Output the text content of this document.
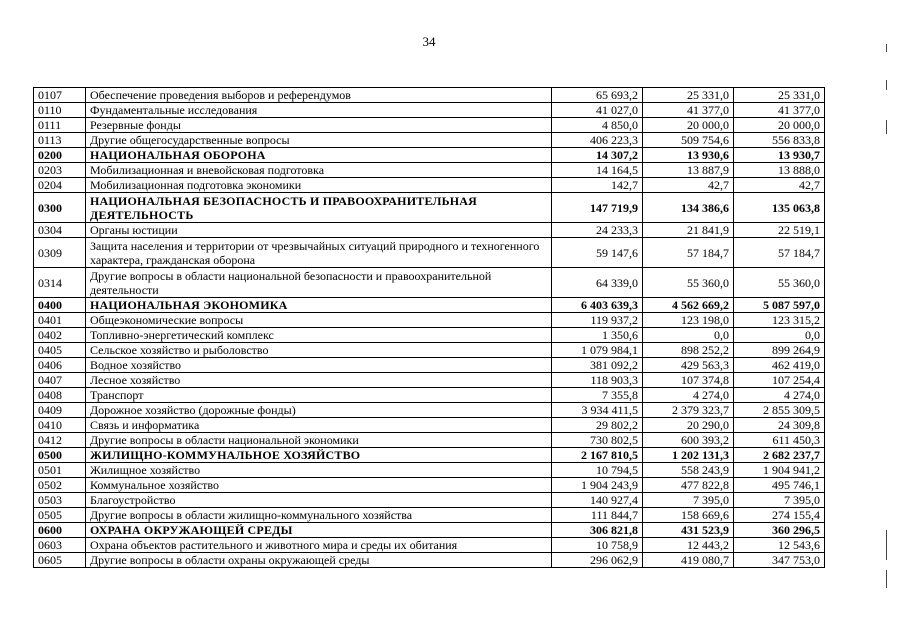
34
0107	Обеспечение проведения выборов и референдумов	65 693,2	25 331,0	25 331,0
0110	Фундаментальные исследования	41 027,0	41 377,0	41 377,0
0111	Резервные фонды	4 850,0	20 000,0	20 000,0
0113	Другие общегосударственные вопросы	406 223,3	509 754,6	556 833,8
0200	НАЦИОНАЛЬНАЯ ОБОРОНА	14 307,2	13 930,6	13 930,7
0203	Мобилизационная и вневойсковая подготовка	14 164,5	13 887,9	13 888,0
0204	Мобилизационная подготовка экономики	142,7	42,7	42,7
0300	НАЦИОНАЛЬНАЯ БЕЗОПАСНОСТЬ И ПРАВООХРАНИТЕЛЬНАЯ ДЕЯТЕЛЬНОСТЬ	147 719,9	134 386,6	135 063,8
0304	Органы юстиции	24 233,3	21 841,9	22 519,1
0309	Защита населения и территории от чрезвычайных ситуаций природного и техногенного характера, гражданская оборона	59 147,6	57 184,7	57 184,7
0314	Другие вопросы в области национальной безопасности и правоохранительной деятельности	64 339,0	55 360,0	55 360,0
0400	НАЦИОНАЛЬНАЯ ЭКОНОМИКА	6 403 639,3	4 562 669,2	5 087 597,0
0401	Общеэкономические вопросы	119 937,2	123 198,0	123 315,2
0402	Топливно-энергетический комплекс	1 350,6	0,0	0,0
0405	Сельское хозяйство и рыболовство	1 079 984,1	898 252,2	899 264,9
0406	Водное хозяйство	381 092,2	429 563,3	462 419,0
0407	Лесное хозяйство	118 903,3	107 374,8	107 254,4
0408	Транспорт	7 355,8	4 274,0	4 274,0
0409	Дорожное хозяйство (дорожные фонды)	3 934 411,5	2 379 323,7	2 855 309,5
0410	Связь и информатика	29 802,2	20 290,0	24 309,8
0412	Другие вопросы в области национальной экономики	730 802,5	600 393,2	611 450,3
0500	ЖИЛИЩНО-КОММУНАЛЬНОЕ ХОЗЯЙСТВО	2 167 810,5	1 202 131,3	2 682 237,7
0501	Жилищное хозяйство	10 794,5	558 243,9	1 904 941,2
0502	Коммунальное хозяйство	1 904 243,9	477 822,8	495 746,1
0503	Благоустройство	140 927,4	7 395,0	7 395,0
0505	Другие вопросы в области жилищно-коммунального хозяйства	111 844,7	158 669,6	274 155,4
0600	ОХРАНА ОКРУЖАЮЩЕЙ СРЕДЫ	306 821,8	431 523,9	360 296,5
0603	Охрана объектов растительного и животного мира и среды их обитания	10 758,9	12 443,2	12 543,6
0605	Другие вопросы в области охраны окружающей среды	296 062,9	419 080,7	347 753,0
